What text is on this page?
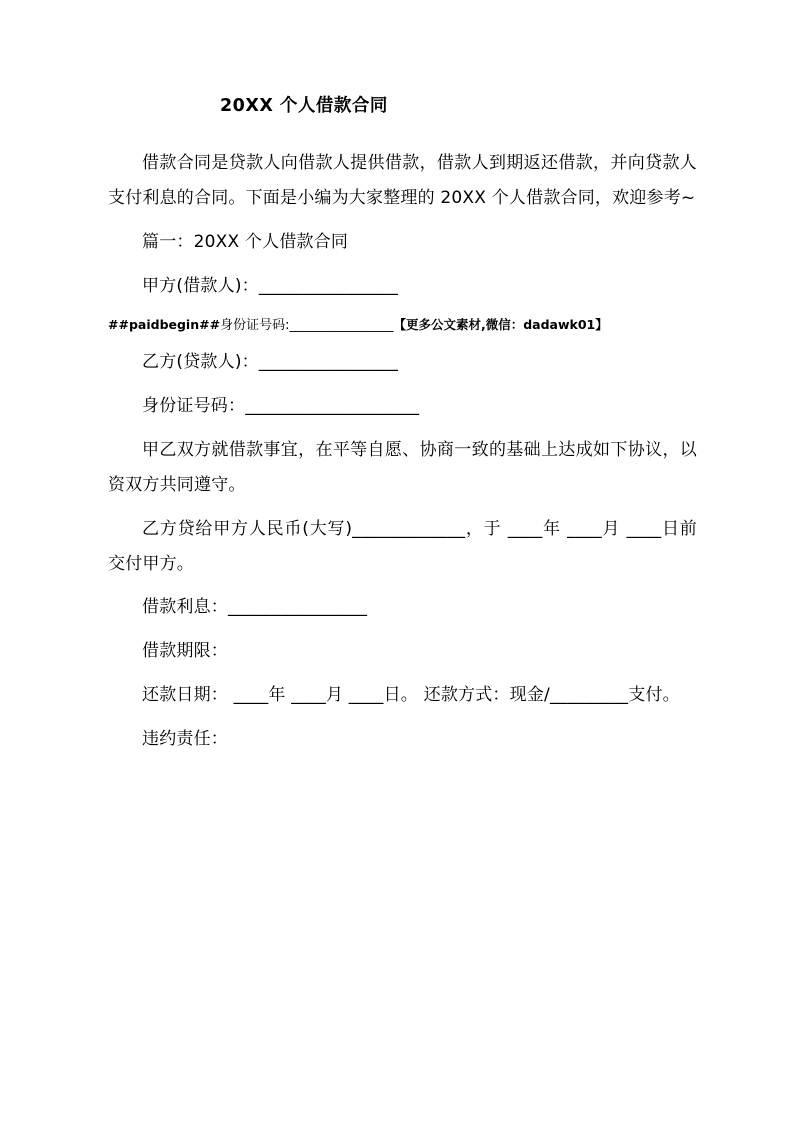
20XX 个人借款合同

借款合同是贷款人向借款人提供借款，借款人到期返还借款，并向贷款人支付利息的合同。下面是小编为大家整理的 20XX 个人借款合同，欢迎参考~

篇一：20XX 个人借款合同

甲方(借款人)：________________

##paidbegin##身份证号码:________________【更多公文素材,微信：dadawk01】

乙方(贷款人)：________________

身份证号码：____________________

甲乙双方就借款事宜，在平等自愿、协商一致的基础上达成如下协议，以资双方共同遵守。

乙方贷给甲方人民币(大写)_____________，于 ____年 ____月 ____日前交付甲方。

借款利息：________________

借款期限：

还款日期： ____年 ____月 ____日。 还款方式：现金/_________支付。

违约责任：
